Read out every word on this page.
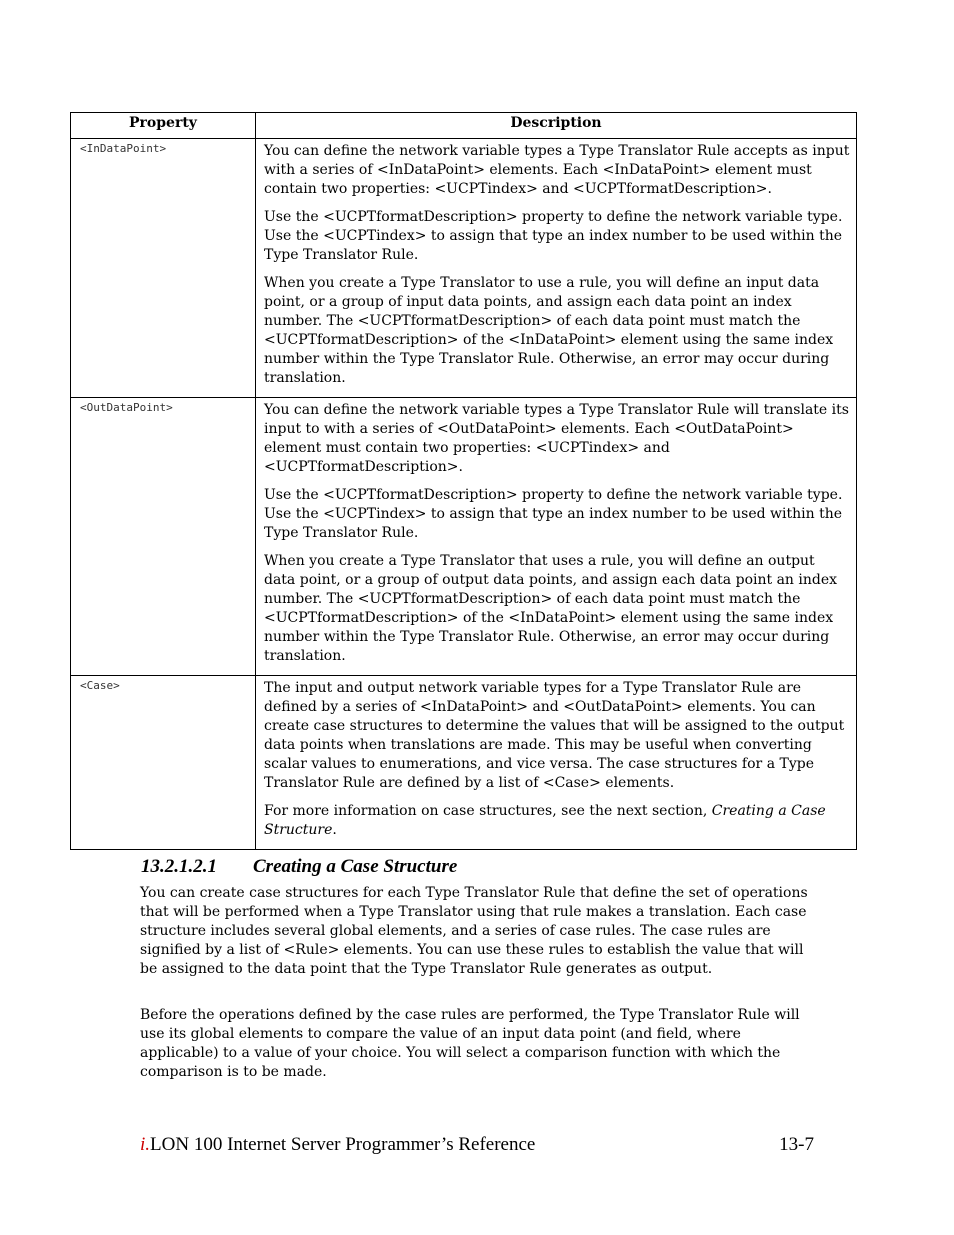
Property	Description
<InDataPoint>	You can define the network variable types a Type Translator Rule accepts as input with a series of <InDataPoint> elements. Each <InDataPoint> element must contain two properties: <UCPTindex> and <UCPTformatDescription>.

Use the <UCPTformatDescription> property to define the network variable type. Use the <UCPTindex> to assign that type an index number to be used within the Type Translator Rule.

When you create a Type Translator to use a rule, you will define an input data point, or a group of input data points, and assign each data point an index number. The <UCPTformatDescription> of each data point must match the <UCPTformatDescription> of the <InDataPoint> element using the same index number within the Type Translator Rule. Otherwise, an error may occur during translation.

<OutDataPoint>	You can define the network variable types a Type Translator Rule will translate its input to with a series of <OutDataPoint> elements. Each <OutDataPoint> element must contain two properties: <UCPTindex> and <UCPTformatDescription>.

Use the <UCPTformatDescription> property to define the network variable type. Use the <UCPTindex> to assign that type an index number to be used within the Type Translator Rule.

When you create a Type Translator that uses a rule, you will define an output data point, or a group of output data points, and assign each data point an index number. The <UCPTformatDescription> of each data point must match the <UCPTformatDescription> of the <InDataPoint> element using the same index number within the Type Translator Rule. Otherwise, an error may occur during translation.

<Case>	The input and output network variable types for a Type Translator Rule are defined by a series of <InDataPoint> and <OutDataPoint> elements. You can create case structures to determine the values that will be assigned to the output data points when translations are made. This may be useful when converting scalar values to enumerations, and vice versa. The case structures for a Type Translator Rule are defined by a list of <Case> elements.

For more information on case structures, see the next section, Creating a Case Structure.

13.2.1.2.1 Creating a Case Structure

You can create case structures for each Type Translator Rule that define the set of operations that will be performed when a Type Translator using that rule makes a translation. Each case structure includes several global elements, and a series of case rules. The case rules are signified by a list of <Rule> elements. You can use these rules to establish the value that will be assigned to the data point that the Type Translator Rule generates as output.

Before the operations defined by the case rules are performed, the Type Translator Rule will use its global elements to compare the value of an input data point (and field, where applicable) to a value of your choice. You will select a comparison function with which the comparison is to be made.

i.LON 100 Internet Server Programmer’s Reference	13-7
